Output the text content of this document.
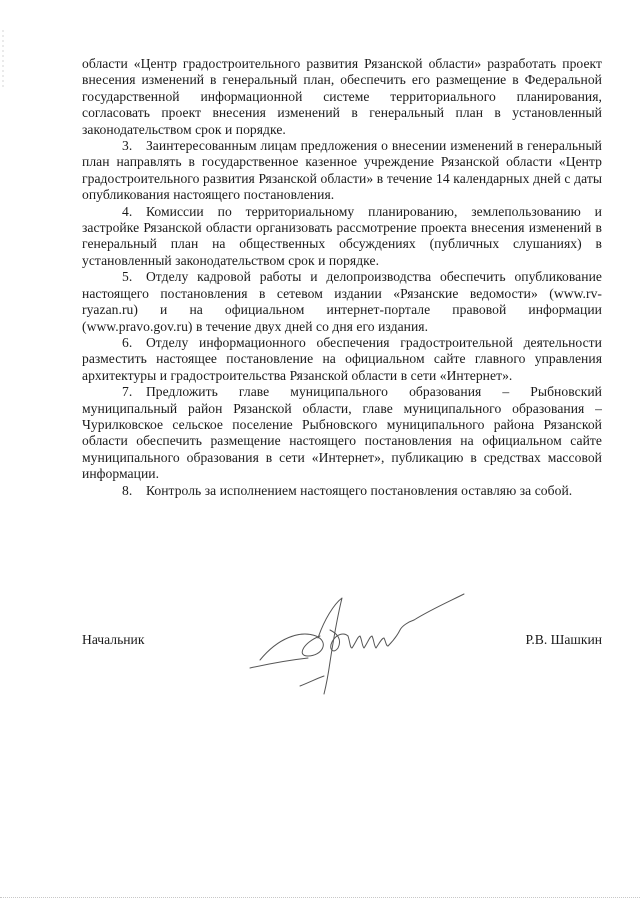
области «Центр градостроительного развития Рязанской области» разработать проект внесения изменений в генеральный план, обеспечить его размещение в Федеральной государственной информационной системе территориального планирования, согласовать проект внесения изменений в генеральный план в установленный законодательством срок и порядке.

3. Заинтересованным лицам предложения о внесении изменений в генеральный план направлять в государственное казенное учреждение Рязанской области «Центр градостроительного развития Рязанской области» в течение 14 календарных дней с даты опубликования настоящего постановления.

4. Комиссии по территориальному планированию, землепользованию и застройке Рязанской области организовать рассмотрение проекта внесения изменений в генеральный план на общественных обсуждениях (публичных слушаниях) в установленный законодательством срок и порядке.

5. Отделу кадровой работы и делопроизводства обеспечить опубликование настоящего постановления в сетевом издании «Рязанские ведомости» (www.rv-ryazan.ru) и на официальном интернет-портале правовой информации (www.pravo.gov.ru) в течение двух дней со дня его издания.

6. Отделу информационного обеспечения градостроительной деятельности разместить настоящее постановление на официальном сайте главного управления архитектуры и градостроительства Рязанской области в сети «Интернет».

7. Предложить главе муниципального образования – Рыбновский муниципальный район Рязанской области, главе муниципального образования – Чурилковское сельское поселение Рыбновского муниципального района Рязанской области обеспечить размещение настоящего постановления на официальном сайте муниципального образования в сети «Интернет», публикацию в средствах массовой информации.

8. Контроль за исполнением настоящего постановления оставляю за собой.

Начальник	Р.В. Шашкин
